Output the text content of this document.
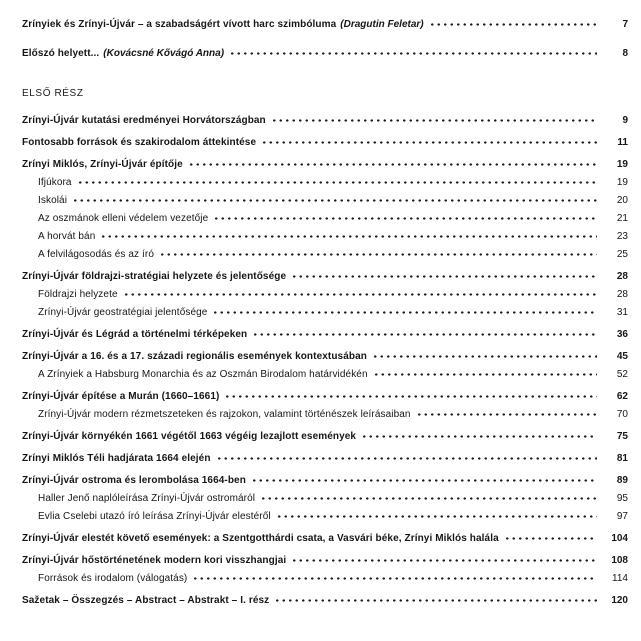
Zrínyiek és Zrínyi-Újvár – a szabadságért vívott harc szimbóluma (Dragutin Feletar)	7
Előszó helyett... (Kovácsné Kővágó Anna)	8
ELSŐ RÉSZ
Zrínyi-Újvár kutatási eredményei Horvátországban	9
Fontosabb források és szakirodalom áttekintése	11
Zrínyi Miklós, Zrínyi-Újvár építője	19
Ifjúkora	19
Iskolái	20
Az oszmánok elleni védelem vezetője	21
A horvát bán	23
A felvilágosodás és az író	25
Zrínyi-Újvár földrajzi-stratégiai helyzete és jelentősége	28
Földrajzi helyzete	28
Zrínyi-Újvár geostratégiai jelentősége	31
Zrínyi-Újvár és Légrád a történelmi térképeken	36
Zrínyi-Újvár a 16. és a 17. századi regionális események kontextusában	45
A Zrínyiek a Habsburg Monarchia és az Oszmán Birodalom határvidékén	52
Zrínyi-Újvár építése a Murán (1660–1661)	62
Zrínyi-Újvár modern rézmetszeteken és rajzokon, valamint történészek leírásaiban	70
Zrínyi-Újvár környékén 1661 végétől 1663 végéig lezajlott események	75
Zrínyi Miklós Téli hadjárata 1664 elején	81
Zrínyi-Újvár ostroma és lerombolása 1664-ben	89
Haller Jenő naplóleírása Zrínyi-Újvár ostromáról	95
Evlia Cselebi utazó író leírása Zrínyi-Újvár elestéről	97
Zrínyi-Újvár elestét követő események: a Szentgotthárdi csata, a Vasvári béke, Zrínyi Miklós halála	104
Zrínyi-Újvár hőstörténetének modern kori visszhangjai	108
Források és irodalom (válogatás)	114
Sažetak – Összegzés – Abstract – Abstrakt – I. rész	120
